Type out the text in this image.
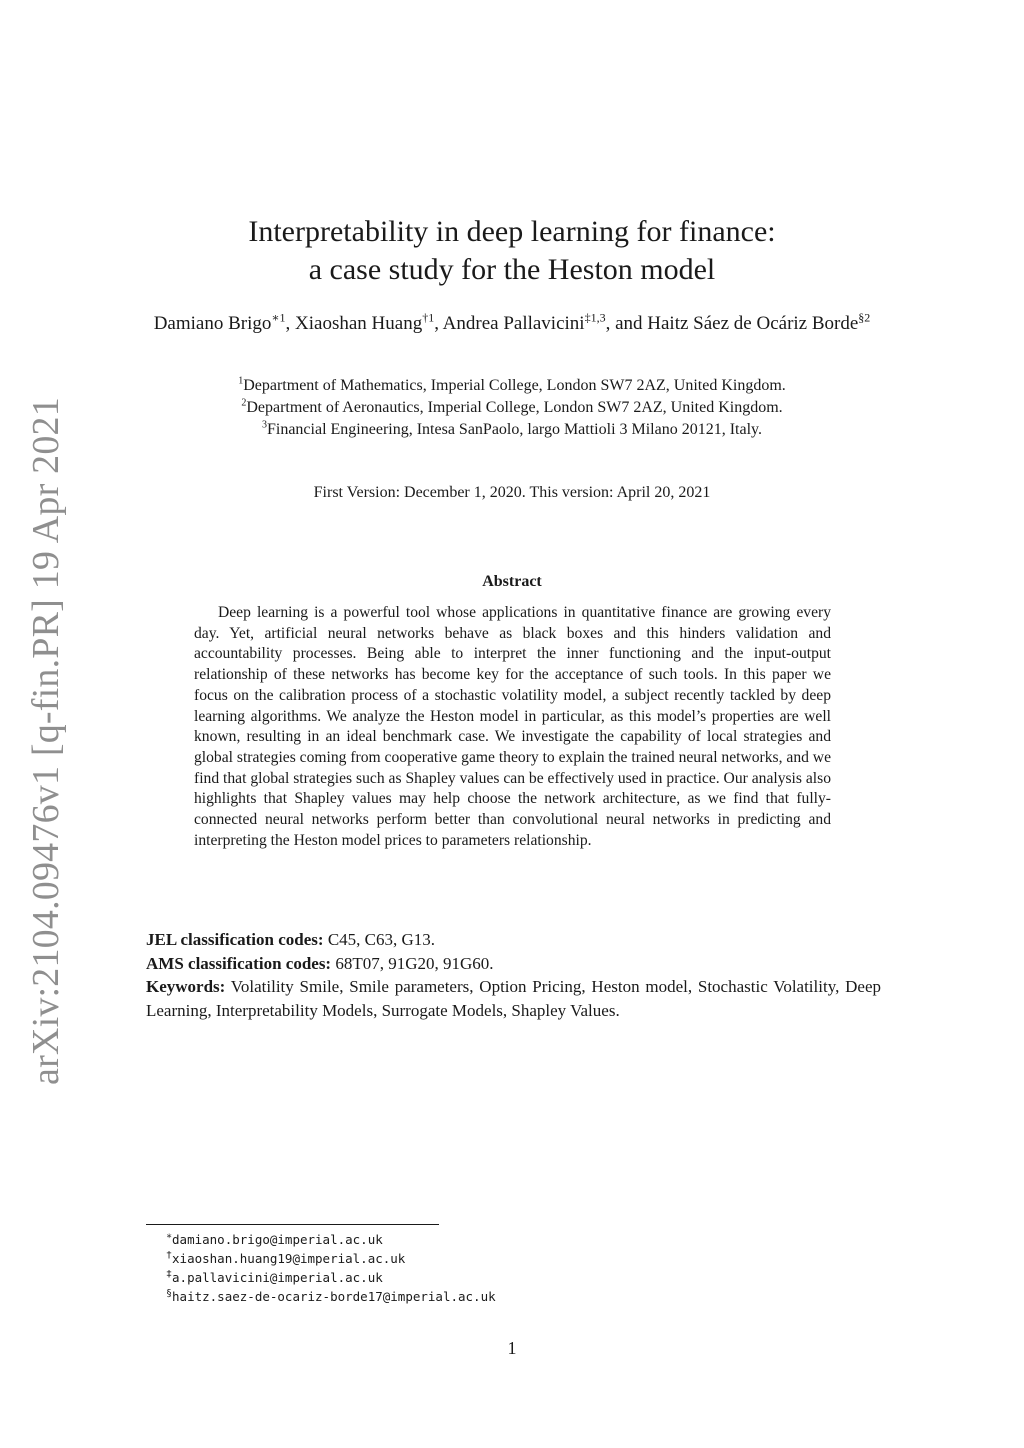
arXiv:2104.09476v1 [q-fin.PR] 19 Apr 2021
Interpretability in deep learning for finance:
a case study for the Heston model
Damiano Brigo$^{∗1}$, Xiaoshan Huang$^{\dagger 1}$, Andrea Pallavicini$^{\ddagger 1,3}$, and Haitz Sáez de Ocáriz Borde$^{\S 2}$
$^1$Department of Mathematics, Imperial College, London SW7 2AZ, United Kingdom.
$^2$Department of Aeronautics, Imperial College, London SW7 2AZ, United Kingdom.
$^3$Financial Engineering, Intesa SanPaolo, largo Mattioli 3 Milano 20121, Italy.
First Version: December 1, 2020. This version: April 20, 2021
Abstract

Deep learning is a powerful tool whose applications in quantitative finance are growing every day. Yet, artificial neural networks behave as black boxes and this hinders validation and accountability processes. Being able to interpret the inner functioning and the input-output relationship of these networks has become key for the acceptance of such tools. In this paper we focus on the calibration process of a stochastic volatility model, a subject recently tackled by deep learning algorithms. We analyze the Heston model in particular, as this model’s properties are well known, resulting in an ideal benchmark case. We investigate the capability of local strategies and global strategies coming from cooperative game theory to explain the trained neural networks, and we find that global strategies such as Shapley values can be effectively used in practice. Our analysis also highlights that Shapley values may help choose the network architecture, as we find that fully-connected neural networks perform better than convolutional neural networks in predicting and interpreting the Heston model prices to parameters relationship.

JEL classification codes: C45, C63, G13.
AMS classification codes: 68T07, 91G20, 91G60.
Keywords: Volatility Smile, Smile parameters, Option Pricing, Heston model, Stochastic Volatility, Deep Learning, Interpretability Models, Surrogate Models, Shapley Values.
∗damiano.brigo@imperial.ac.uk
†xiaoshan.huang19@imperial.ac.uk
‡a.pallavicini@imperial.ac.uk
§haitz.saez-de-ocariz-borde17@imperial.ac.uk
1
